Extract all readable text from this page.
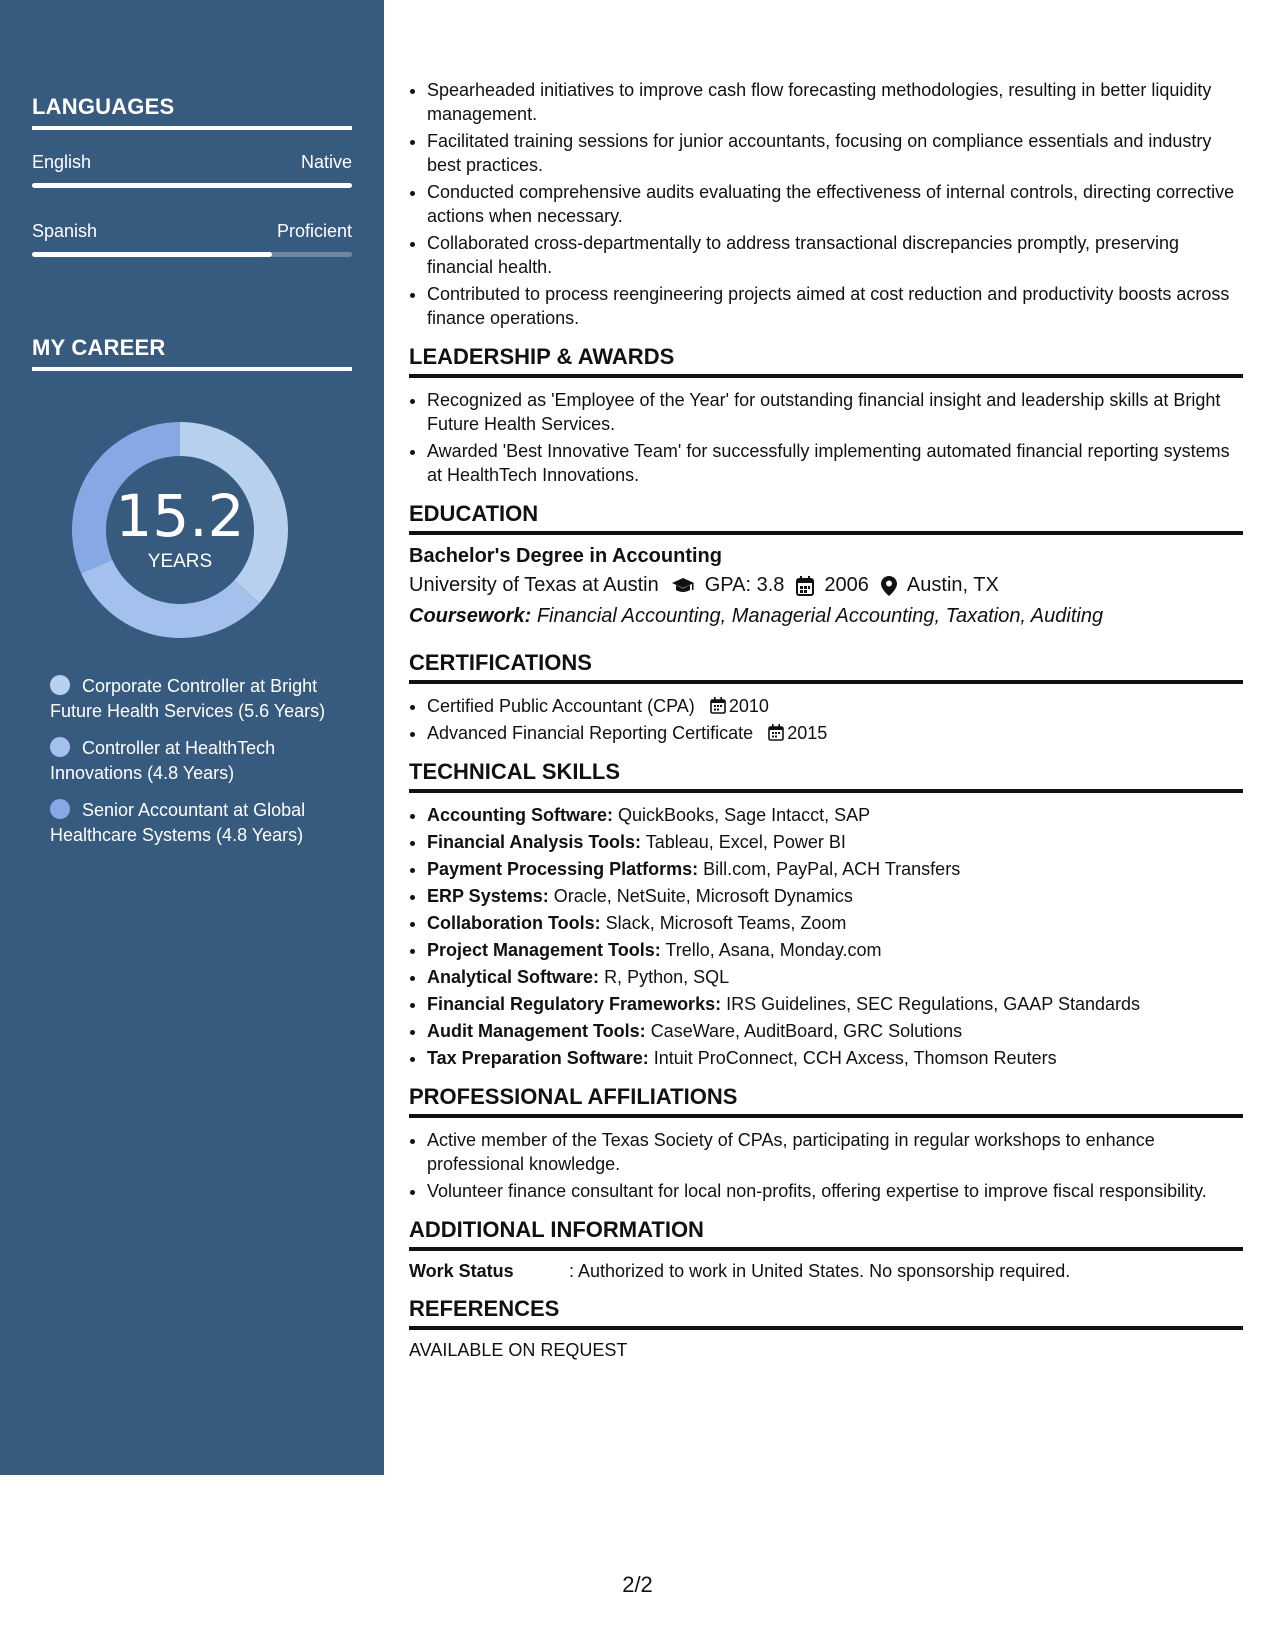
LANGUAGES
English	Native
Spanish	Proficient
MY CAREER
15.2
YEARS
Corporate Controller at Bright Future Health Services (5.6 Years)
Controller at HealthTech Innovations (4.8 Years)
Senior Accountant at Global Healthcare Systems (4.8 Years)
• Spearheaded initiatives to improve cash flow forecasting methodologies, resulting in better liquidity management.
• Facilitated training sessions for junior accountants, focusing on compliance essentials and industry best practices.
• Conducted comprehensive audits evaluating the effectiveness of internal controls, directing corrective actions when necessary.
• Collaborated cross-departmentally to address transactional discrepancies promptly, preserving financial health.
• Contributed to process reengineering projects aimed at cost reduction and productivity boosts across finance operations.
LEADERSHIP & AWARDS
• Recognized as 'Employee of the Year' for outstanding financial insight and leadership skills at Bright Future Health Services.
• Awarded 'Best Innovative Team' for successfully implementing automated financial reporting systems at HealthTech Innovations.
EDUCATION
Bachelor's Degree in Accounting
University of Texas at Austin GPA: 3.8 2006 Austin, TX
Coursework: Financial Accounting, Managerial Accounting, Taxation, Auditing
CERTIFICATIONS
• Certified Public Accountant (CPA) 2010
• Advanced Financial Reporting Certificate 2015
TECHNICAL SKILLS
• Accounting Software: QuickBooks, Sage Intacct, SAP
• Financial Analysis Tools: Tableau, Excel, Power BI
• Payment Processing Platforms: Bill.com, PayPal, ACH Transfers
• ERP Systems: Oracle, NetSuite, Microsoft Dynamics
• Collaboration Tools: Slack, Microsoft Teams, Zoom
• Project Management Tools: Trello, Asana, Monday.com
• Analytical Software: R, Python, SQL
• Financial Regulatory Frameworks: IRS Guidelines, SEC Regulations, GAAP Standards
• Audit Management Tools: CaseWare, AuditBoard, GRC Solutions
• Tax Preparation Software: Intuit ProConnect, CCH Axcess, Thomson Reuters
PROFESSIONAL AFFILIATIONS
• Active member of the Texas Society of CPAs, participating in regular workshops to enhance professional knowledge.
• Volunteer finance consultant for local non-profits, offering expertise to improve fiscal responsibility.
ADDITIONAL INFORMATION
Work Status	: Authorized to work in United States. No sponsorship required.
REFERENCES
AVAILABLE ON REQUEST
2/2
